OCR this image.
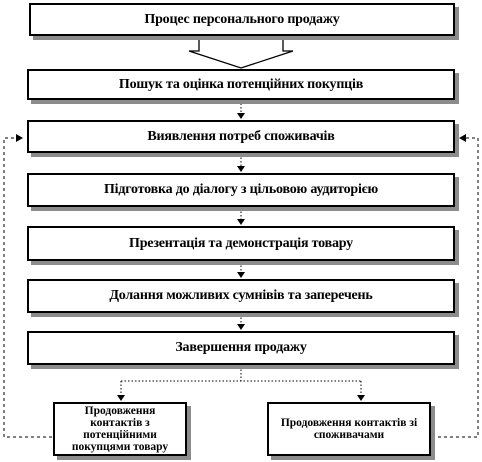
Процес персонального продажу
Пошук та оцінка потенційних покупців
Виявлення потреб споживачів
Підготовка до діалогу з цільовою аудиторією
Презентація та демонстрація товару
Долання можливих сумнівів та заперечень
Завершення продажу
Продовження контактів з потенційними покупцями товару
Продовження контактів зі споживачами
